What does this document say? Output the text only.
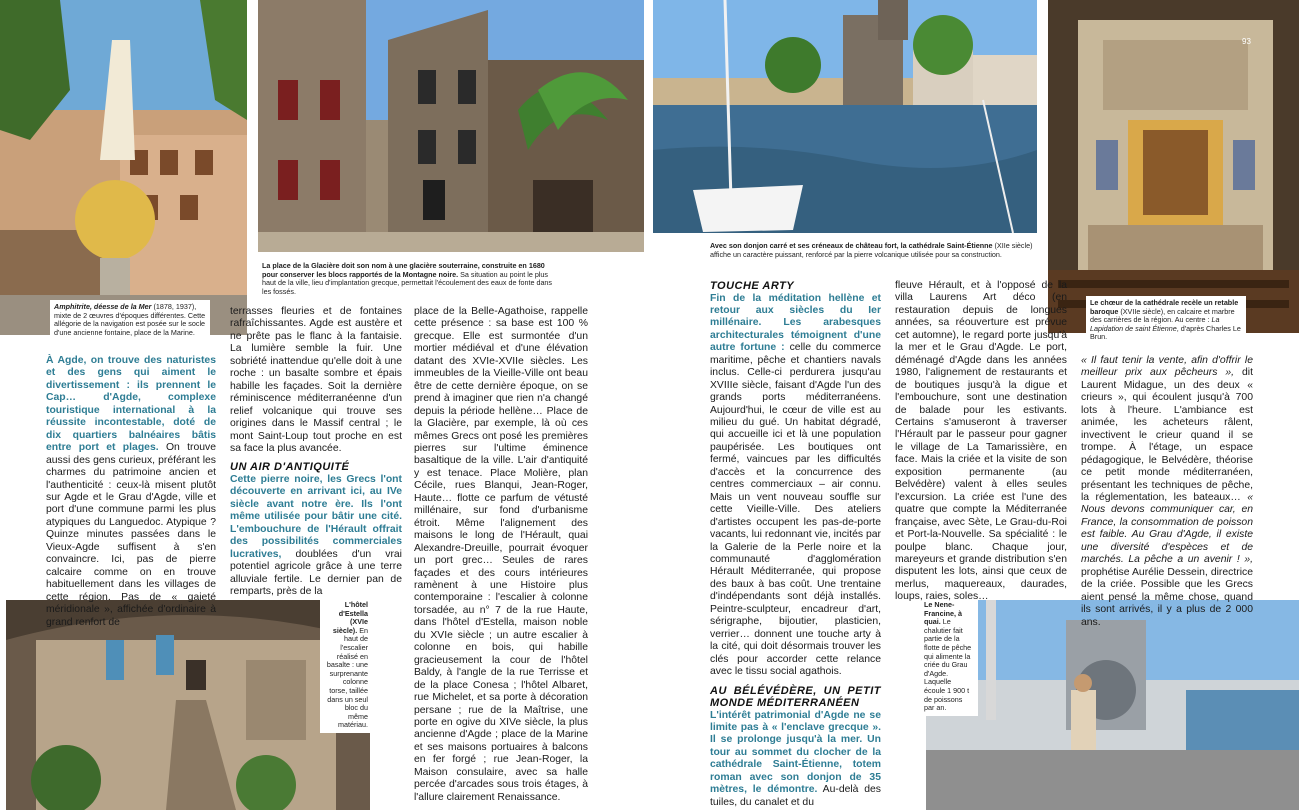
Amphitrite, déesse de la Mer (1878, 1937), mixte de 2 œuvres d'époques différentes. Cette allégorie de la navigation est posée sur le socle d'une ancienne fontaine, place de la Marine.
La place de la Glacière doit son nom à une glacière souterraine, construite en 1680 pour conserver les blocs rapportés de la Montagne noire. Sa situation au point le plus haut de la ville, lieu d'implantation grecque, permettait l'écoulement des eaux de fonte dans les fossés.
Avec son donjon carré et ses créneaux de château fort, la cathédrale Saint-Étienne (XIIe siècle) affiche un caractère puissant, renforcé par la pierre volcanique utilisée pour sa construction.
93
Le chœur de la cathédrale recèle un retable baroque (XVIIe siècle), en calcaire et marbre des carrières de la région. Au centre : La Lapidation de saint Étienne, d'après Charles Le Brun.
L'hôtel d'Estella (XVIe siècle). En haut de l'escalier réalisé en basalte : une surprenante colonne torse, taillée dans un seul bloc du même matériau.
Le Nene-Francine, à quai. Le chalutier fait partie de la flotte de pêche qui alimente la criée du Grau d'Agde. Laquelle écoule 1 900 t de poissons par an.

À Agde, on trouve des naturistes et des gens qui aiment le divertissement : ils prennent le Cap… d'Agde, complexe touristique international à la réussite incontestable, doté de dix quartiers balnéaires bâtis entre port et plages. On trouve aussi des gens curieux, préférant les charmes du patrimoine ancien et l'authenticité : ceux-là misent plutôt sur Agde et le Grau d'Agde, ville et port d'une commune parmi les plus atypiques du Languedoc. Atypique ? Quinze minutes passées dans le Vieux-Agde suffisent à s'en convaincre. Ici, pas de pierre calcaire comme on en trouve habituellement dans les villages de cette région. Pas de « gaieté méridionale », affichée d'ordinaire à grand renfort de

terrasses fleuries et de fontaines rafraîchissantes. Agde est austère et ne prête pas le flanc à la fantaisie. La lumière semble la fuir. Une sobriété inattendue qu'elle doit à une roche : un basalte sombre et épais habille les façades. Soit la dernière réminiscence méditerranéenne d'un relief volcanique qui trouve ses origines dans le Massif central ; le mont Saint-Loup tout proche en est sa face la plus avancée.

UN AIR D'ANTIQUITÉ

Cette pierre noire, les Grecs l'ont découverte en arrivant ici, au IVe siècle avant notre ère. Ils l'ont même utilisée pour bâtir une cité. L'embouchure de l'Hérault offrait des possibilités commerciales lucratives, doublées d'un vrai potentiel agricole grâce à une terre alluviale fertile. Le dernier pan de remparts, près de la

place de la Belle-Agathoise, rappelle cette présence : sa base est 100 % grecque. Elle est surmontée d'un mortier médiéval et d'une élévation datant des XVIe-XVIIe siècles. Les immeubles de la Vieille-Ville ont beau être de cette dernière époque, on se prend à imaginer que rien n'a changé depuis la période hellène… Place de la Glacière, par exemple, là où ces mêmes Grecs ont posé les premières pierres sur l'ultime éminence basaltique de la ville. L'air d'antiquité y est tenace. Place Molière, plan Cécile, rues Blanqui, Jean-Roger, Haute… flotte ce parfum de vétusté millénaire, sur fond d'urbanisme étroit. Même l'alignement des maisons le long de l'Hérault, quai Alexandre-Dreuille, pourrait évoquer un port grec… Seules de rares façades et des cours intérieures ramènent à une Histoire plus contemporaine : l'escalier à colonne torsadée, au n° 7 de la rue Haute, dans l'hôtel d'Estella, maison noble du XVIe siècle ; un autre escalier à colonne en bois, qui habille gracieusement la cour de l'hôtel Baldy, à l'angle de la rue Terrisse et de la place Conesa ; l'hôtel Albaret, rue Michelet, et sa porte à décoration persane ; rue de la Maîtrise, une porte en ogive du XIVe siècle, la plus ancienne d'Agde ; place de la Marine et ses maisons portuaires à balcons en fer forgé ; rue Jean-Roger, la Maison consulaire, avec sa halle percée d'arcades sous trois étages, à l'allure clairement Renaissance.

TOUCHE ARTY

Fin de la méditation hellène et retour aux siècles du Ier millénaire. Les arabesques architecturales témoignent d'une autre fortune : celle du commerce maritime, pêche et chantiers navals inclus. Celle-ci perdurera jusqu'au XVIIIe siècle, faisant d'Agde l'un des grands ports méditerranéens. Aujourd'hui, le cœur de ville est au milieu du gué. Un habitat dégradé, qui accueille ici et là une population paupérisée. Les boutiques ont fermé, vaincues par les difficultés d'accès et la concurrence des centres commerciaux – air connu. Mais un vent nouveau souffle sur cette Vieille-Ville. Des ateliers d'artistes occupent les pas-de-porte vacants, lui redonnant vie, incités par la Galerie de la Perle noire et la communauté d'agglomération Hérault Méditerranée, qui propose des baux à bas coût. Une trentaine d'indépendants sont déjà installés. Peintre-sculpteur, encadreur d'art, sérigraphe, bijoutier, plasticien, verrier… donnent une touche arty à la cité, qui doit désormais trouver les clés pour accorder cette relance avec le tissu social agathois.

AU BÉLÉVÉDÈRE, UN PETIT MONDE MÉDITERRANÉEN

L'intérêt patrimonial d'Agde ne se limite pas à « l'enclave grecque ». Il se prolonge jusqu'à la mer. Un tour au sommet du clocher de la cathédrale Saint-Étienne, totem roman avec son donjon de 35 mètres, le démontre. Au-delà des tuiles, du canalet et du

fleuve Hérault, et à l'opposé de la villa Laurens Art déco (en restauration depuis de longues années, sa réouverture est prévue cet automne), le regard porte jusqu'à la mer et le Grau d'Agde. Le port, déménagé d'Agde dans les années 1980, l'alignement de restaurants et de boutiques jusqu'à la digue et l'embouchure, sont une destination de balade pour les estivants. Certains s'amuseront à traverser l'Hérault par le passeur pour gagner le village de La Tamarissière, en face. Mais la criée et la visite de son exposition permanente (au Belvédère) valent à elles seules l'excursion. La criée est l'une des quatre que compte la Méditerranée française, avec Sète, Le Grau-du-Roi et Port-la-Nouvelle. Sa spécialité : le poulpe blanc. Chaque jour, mareyeurs et grande distribution s'en disputent les lots, ainsi que ceux de merlus, maquereaux, daurades, loups, raies, soles…

« Il faut tenir la vente, afin d'offrir le meilleur prix aux pêcheurs », dit Laurent Midague, un des deux « crieurs », qui écoulent jusqu'à 700 lots à l'heure. L'ambiance est animée, les acheteurs râlent, invectivent le crieur quand il se trompe. À l'étage, un espace pédagogique, le Belvédère, théorise ce petit monde méditerranéen, présentant les techniques de pêche, la réglementation, les bateaux… « Nous devons communiquer car, en France, la consommation de poisson est faible. Au Grau d'Agde, il existe une diversité d'espèces et de marchés. La pêche a un avenir ! », prophétise Aurélie Dessein, directrice de la criée. Possible que les Grecs aient pensé la même chose, quand ils sont arrivés, il y a plus de 2 000 ans.
